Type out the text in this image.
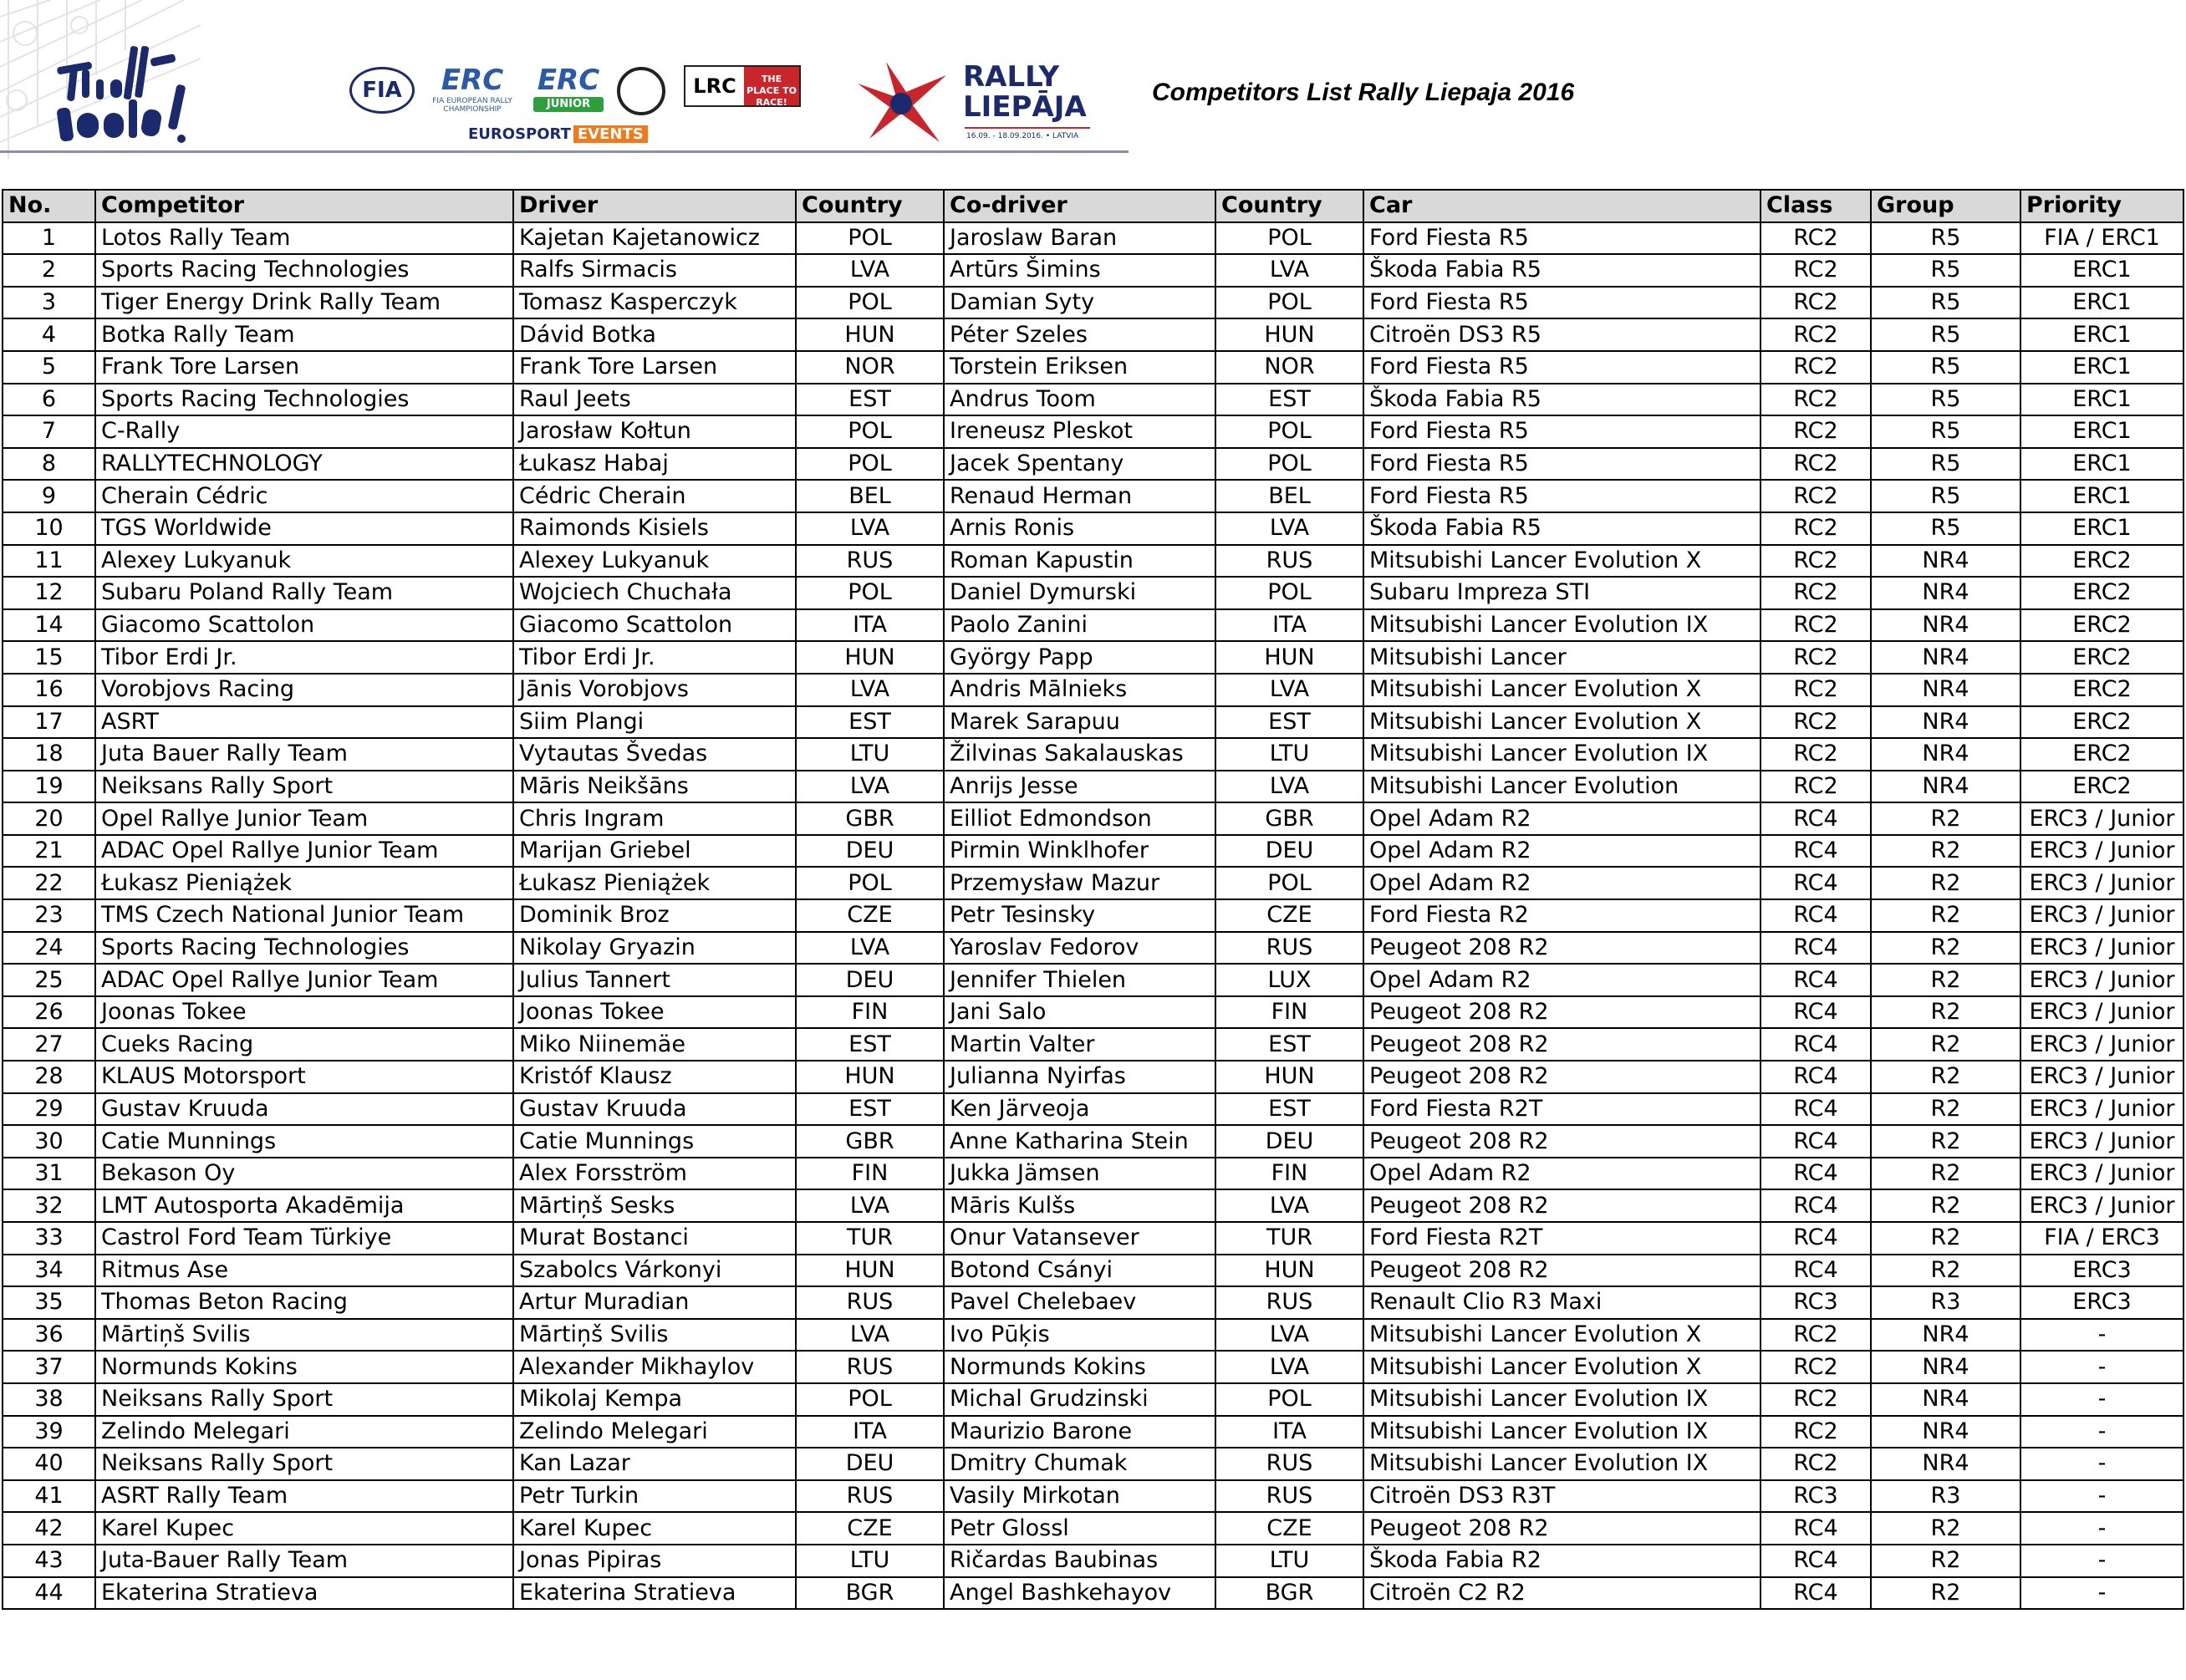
FIA	ERC
FIA EUROPEAN RALLY CHAMPIONSHIP
ERC
JUNIOR
LRC	THE PLACE TO RACE!
EUROSPORT EVENTS
RALLY
LIEPĀJA
16.09. - 18.09.2016. • LATVIA
Competitors List Rally Liepaja 2016
No.	Competitor	Driver	Country	Co-driver	Country	Car	Class	Group	Priority
1	Lotos Rally Team	Kajetan Kajetanowicz	POL	Jaroslaw Baran	POL	Ford Fiesta R5	RC2	R5	FIA / ERC1
2	Sports Racing Technologies	Ralfs Sirmacis	LVA	Artūrs Šimins	LVA	Škoda Fabia R5	RC2	R5	ERC1
3	Tiger Energy Drink Rally Team	Tomasz Kasperczyk	POL	Damian Syty	POL	Ford Fiesta R5	RC2	R5	ERC1
4	Botka Rally Team	Dávid Botka	HUN	Péter Szeles	HUN	Citroën DS3 R5	RC2	R5	ERC1
5	Frank Tore Larsen	Frank Tore Larsen	NOR	Torstein Eriksen	NOR	Ford Fiesta R5	RC2	R5	ERC1
6	Sports Racing Technologies	Raul Jeets	EST	Andrus Toom	EST	Škoda Fabia R5	RC2	R5	ERC1
7	C-Rally	Jarosław Kołtun	POL	Ireneusz Pleskot	POL	Ford Fiesta R5	RC2	R5	ERC1
8	RALLYTECHNOLOGY	Łukasz Habaj	POL	Jacek Spentany	POL	Ford Fiesta R5	RC2	R5	ERC1
9	Cherain Cédric	Cédric Cherain	BEL	Renaud Herman	BEL	Ford Fiesta R5	RC2	R5	ERC1
10	TGS Worldwide	Raimonds Kisiels	LVA	Arnis Ronis	LVA	Škoda Fabia R5	RC2	R5	ERC1
11	Alexey Lukyanuk	Alexey Lukyanuk	RUS	Roman Kapustin	RUS	Mitsubishi Lancer Evolution X	RC2	NR4	ERC2
12	Subaru Poland Rally Team	Wojciech Chuchała	POL	Daniel Dymurski	POL	Subaru Impreza STI	RC2	NR4	ERC2
14	Giacomo Scattolon	Giacomo Scattolon	ITA	Paolo Zanini	ITA	Mitsubishi Lancer Evolution IX	RC2	NR4	ERC2
15	Tibor Erdi Jr.	Tibor Erdi Jr.	HUN	György Papp	HUN	Mitsubishi Lancer	RC2	NR4	ERC2
16	Vorobjovs Racing	Jānis Vorobjovs	LVA	Andris Mālnieks	LVA	Mitsubishi Lancer Evolution X	RC2	NR4	ERC2
17	ASRT	Siim Plangi	EST	Marek Sarapuu	EST	Mitsubishi Lancer Evolution X	RC2	NR4	ERC2
18	Juta Bauer Rally Team	Vytautas Švedas	LTU	Žilvinas Sakalauskas	LTU	Mitsubishi Lancer Evolution IX	RC2	NR4	ERC2
19	Neiksans Rally Sport	Māris Neikšāns	LVA	Anrijs Jesse	LVA	Mitsubishi Lancer Evolution	RC2	NR4	ERC2
20	Opel Rallye Junior Team	Chris Ingram	GBR	Eilliot Edmondson	GBR	Opel Adam R2	RC4	R2	ERC3 / Junior
21	ADAC Opel Rallye Junior Team	Marijan Griebel	DEU	Pirmin Winklhofer	DEU	Opel Adam R2	RC4	R2	ERC3 / Junior
22	Łukasz Pieniążek	Łukasz Pieniążek	POL	Przemysław Mazur	POL	Opel Adam R2	RC4	R2	ERC3 / Junior
23	TMS Czech National Junior Team	Dominik Broz	CZE	Petr Tesinsky	CZE	Ford Fiesta R2	RC4	R2	ERC3 / Junior
24	Sports Racing Technologies	Nikolay Gryazin	LVA	Yaroslav Fedorov	RUS	Peugeot 208 R2	RC4	R2	ERC3 / Junior
25	ADAC Opel Rallye Junior Team	Julius Tannert	DEU	Jennifer Thielen	LUX	Opel Adam R2	RC4	R2	ERC3 / Junior
26	Joonas Tokee	Joonas Tokee	FIN	Jani Salo	FIN	Peugeot 208 R2	RC4	R2	ERC3 / Junior
27	Cueks Racing	Miko Niinemäe	EST	Martin Valter	EST	Peugeot 208 R2	RC4	R2	ERC3 / Junior
28	KLAUS Motorsport	Kristóf Klausz	HUN	Julianna Nyirfas	HUN	Peugeot 208 R2	RC4	R2	ERC3 / Junior
29	Gustav Kruuda	Gustav Kruuda	EST	Ken Järveoja	EST	Ford Fiesta R2T	RC4	R2	ERC3 / Junior
30	Catie Munnings	Catie Munnings	GBR	Anne Katharina Stein	DEU	Peugeot 208 R2	RC4	R2	ERC3 / Junior
31	Bekason Oy	Alex Forsström	FIN	Jukka Jämsen	FIN	Opel Adam R2	RC4	R2	ERC3 / Junior
32	LMT Autosporta Akadēmija	Mārtiņš Sesks	LVA	Māris Kulšs	LVA	Peugeot 208 R2	RC4	R2	ERC3 / Junior
33	Castrol Ford Team Türkiye	Murat Bostanci	TUR	Onur Vatansever	TUR	Ford Fiesta R2T	RC4	R2	FIA / ERC3
34	Ritmus Ase	Szabolcs Várkonyi	HUN	Botond Csányi	HUN	Peugeot 208 R2	RC4	R2	ERC3
35	Thomas Beton Racing	Artur Muradian	RUS	Pavel Chelebaev	RUS	Renault Clio R3 Maxi	RC3	R3	ERC3
36	Mārtiņš Svilis	Mārtiņš Svilis	LVA	Ivo Pūķis	LVA	Mitsubishi Lancer Evolution X	RC2	NR4	-
37	Normunds Kokins	Alexander Mikhaylov	RUS	Normunds Kokins	LVA	Mitsubishi Lancer Evolution X	RC2	NR4	-
38	Neiksans Rally Sport	Mikolaj Kempa	POL	Michal Grudzinski	POL	Mitsubishi Lancer Evolution IX	RC2	NR4	-
39	Zelindo Melegari	Zelindo Melegari	ITA	Maurizio Barone	ITA	Mitsubishi Lancer Evolution IX	RC2	NR4	-
40	Neiksans Rally Sport	Kan Lazar	DEU	Dmitry Chumak	RUS	Mitsubishi Lancer Evolution IX	RC2	NR4	-
41	ASRT Rally Team	Petr Turkin	RUS	Vasily Mirkotan	RUS	Citroën DS3 R3T	RC3	R3	-
42	Karel Kupec	Karel Kupec	CZE	Petr Glossl	CZE	Peugeot 208 R2	RC4	R2	-
43	Juta-Bauer Rally Team	Jonas Pipiras	LTU	Ričardas Baubinas	LTU	Škoda Fabia R2	RC4	R2	-
44	Ekaterina Stratieva	Ekaterina Stratieva	BGR	Angel Bashkehayov	BGR	Citroën C2 R2	RC4	R2	-
